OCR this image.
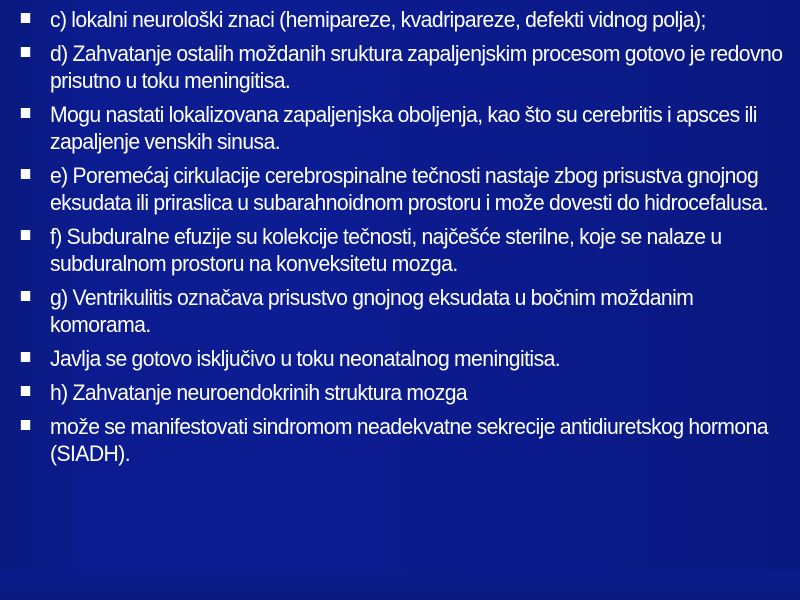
c) lokalni neurološki znaci (hemipareze, kvadripareze, defekti vidnog polja);
d) Zahvatanje ostalih moždanih sruktura zapaljenjskim procesom gotovo je redovno prisutno u toku meningitisa.
Mogu nastati lokalizovana zapaljenjska oboljenja, kao što su cerebritis i apsces ili zapaljenje venskih sinusa.
e) Poremećaj cirkulacije cerebrospinalne tečnosti nastaje zbog prisustva gnojnog eksudata ili priraslica u subarahnoidnom prostoru i može dovesti do hidrocefalusa.
f) Subduralne efuzije su kolekcije tečnosti, najčešće sterilne, koje se nalaze u subduralnom prostoru na konveksitetu mozga.
g) Ventrikulitis označava prisustvo gnojnog eksudata u bočnim moždanim komorama.
Javlja se gotovo isključivo u toku neonatalnog meningitisa.
h) Zahvatanje neuroendokrinih struktura mozga
može se manifestovati sindromom neadekvatne sekrecije antidiuretskog hormona (SIADH).
